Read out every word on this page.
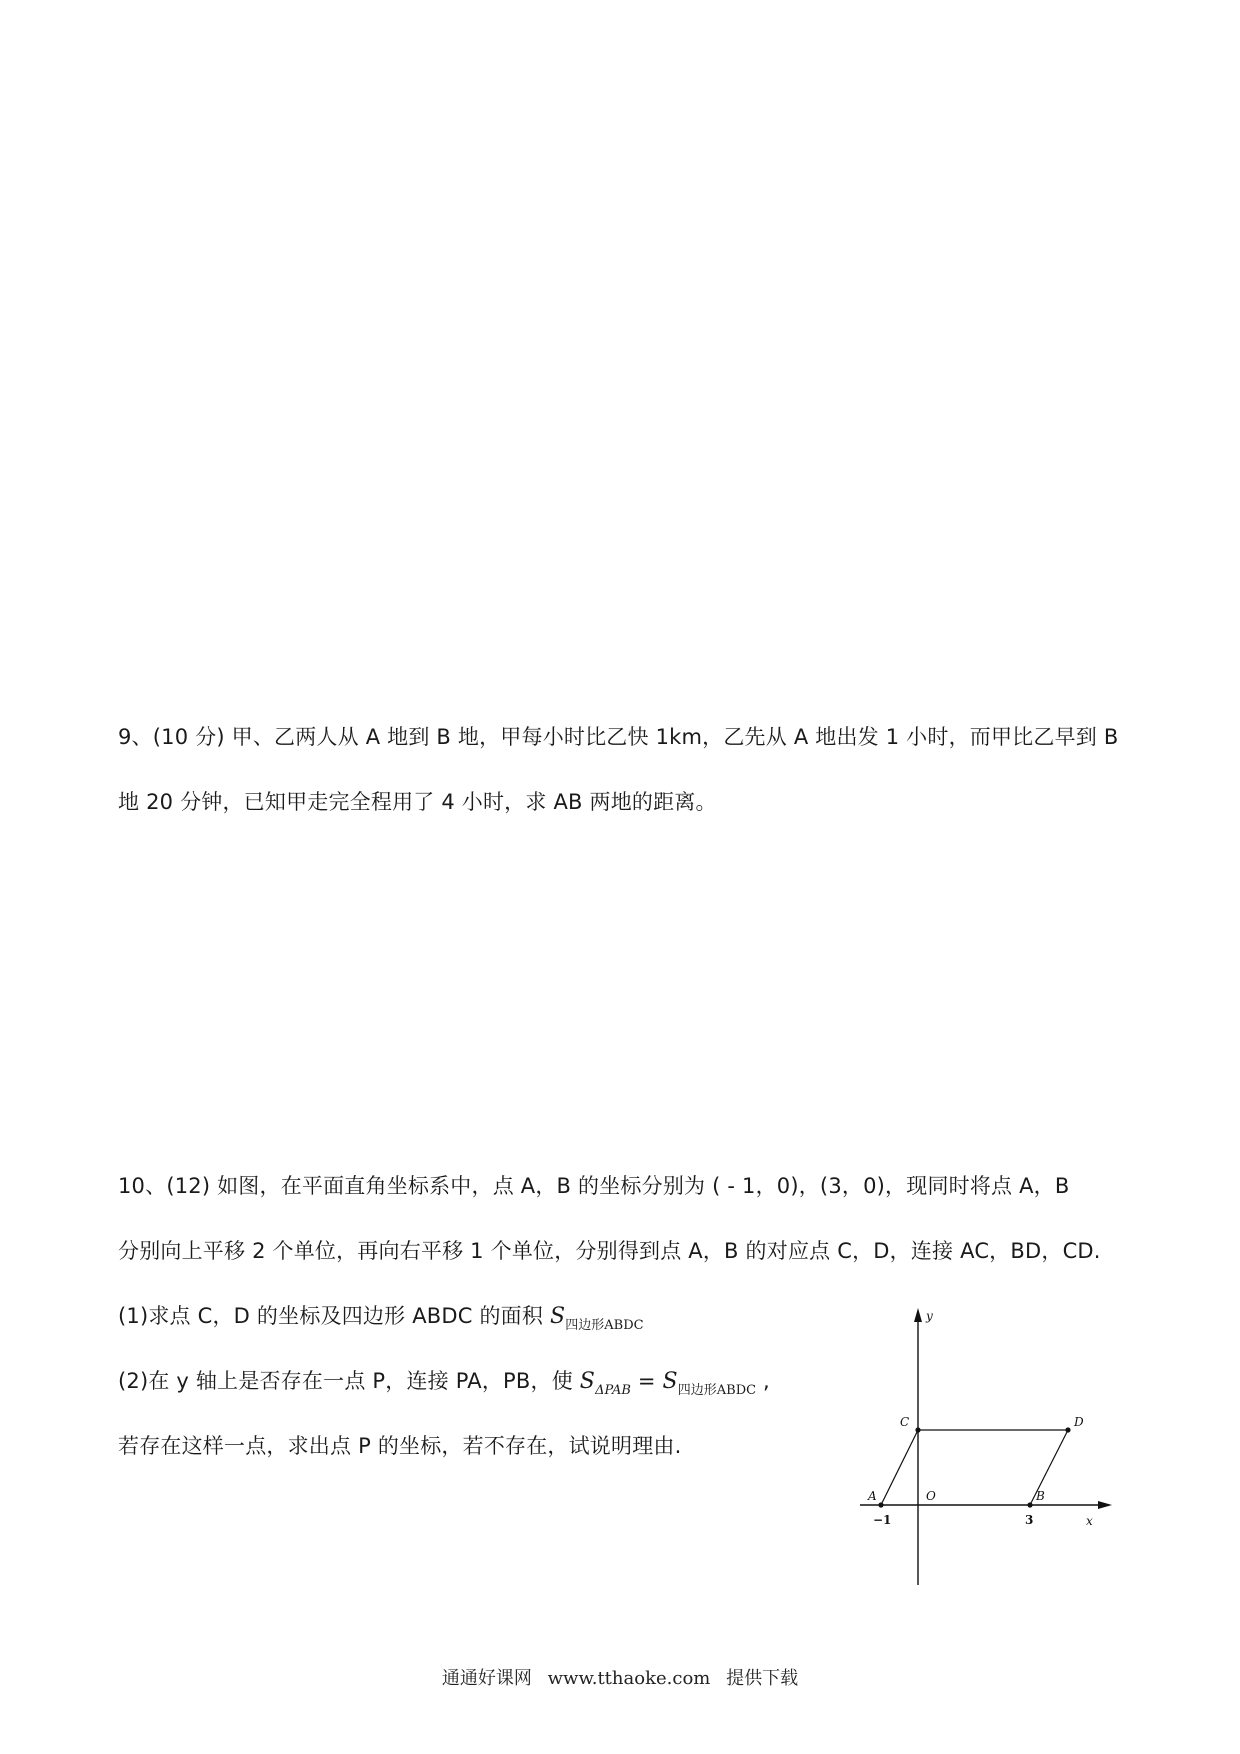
9、(10 分) 甲、乙两人从 A 地到 B 地，甲每小时比乙快 1km，乙先从 A 地出发 1 小时，而甲比乙早到 B
地 20 分钟，已知甲走完全程用了 4 小时，求 AB 两地的距离。
10、(12) 如图，在平面直角坐标系中，点 A，B 的坐标分别为 ( - 1，0)，(3，0)，现同时将点 A，B
分别向上平移 2 个单位，再向右平移 1 个单位，分别得到点 A，B 的对应点 C，D，连接 AC，BD，CD.
(1)求点 C，D 的坐标及四边形 ABDC 的面积 $S_{四边形ABDC}$
(2)在 y 轴上是否存在一点 P，连接 PA，PB，使 $S_{\Delta PAB} = S_{四边形ABDC}$ ,
若存在这样一点，求出点 P 的坐标，若不存在，试说明理由.
y
x
O
A	B
C	D
−1	3
通通好课网 www.tthaoke.com 提供下载
